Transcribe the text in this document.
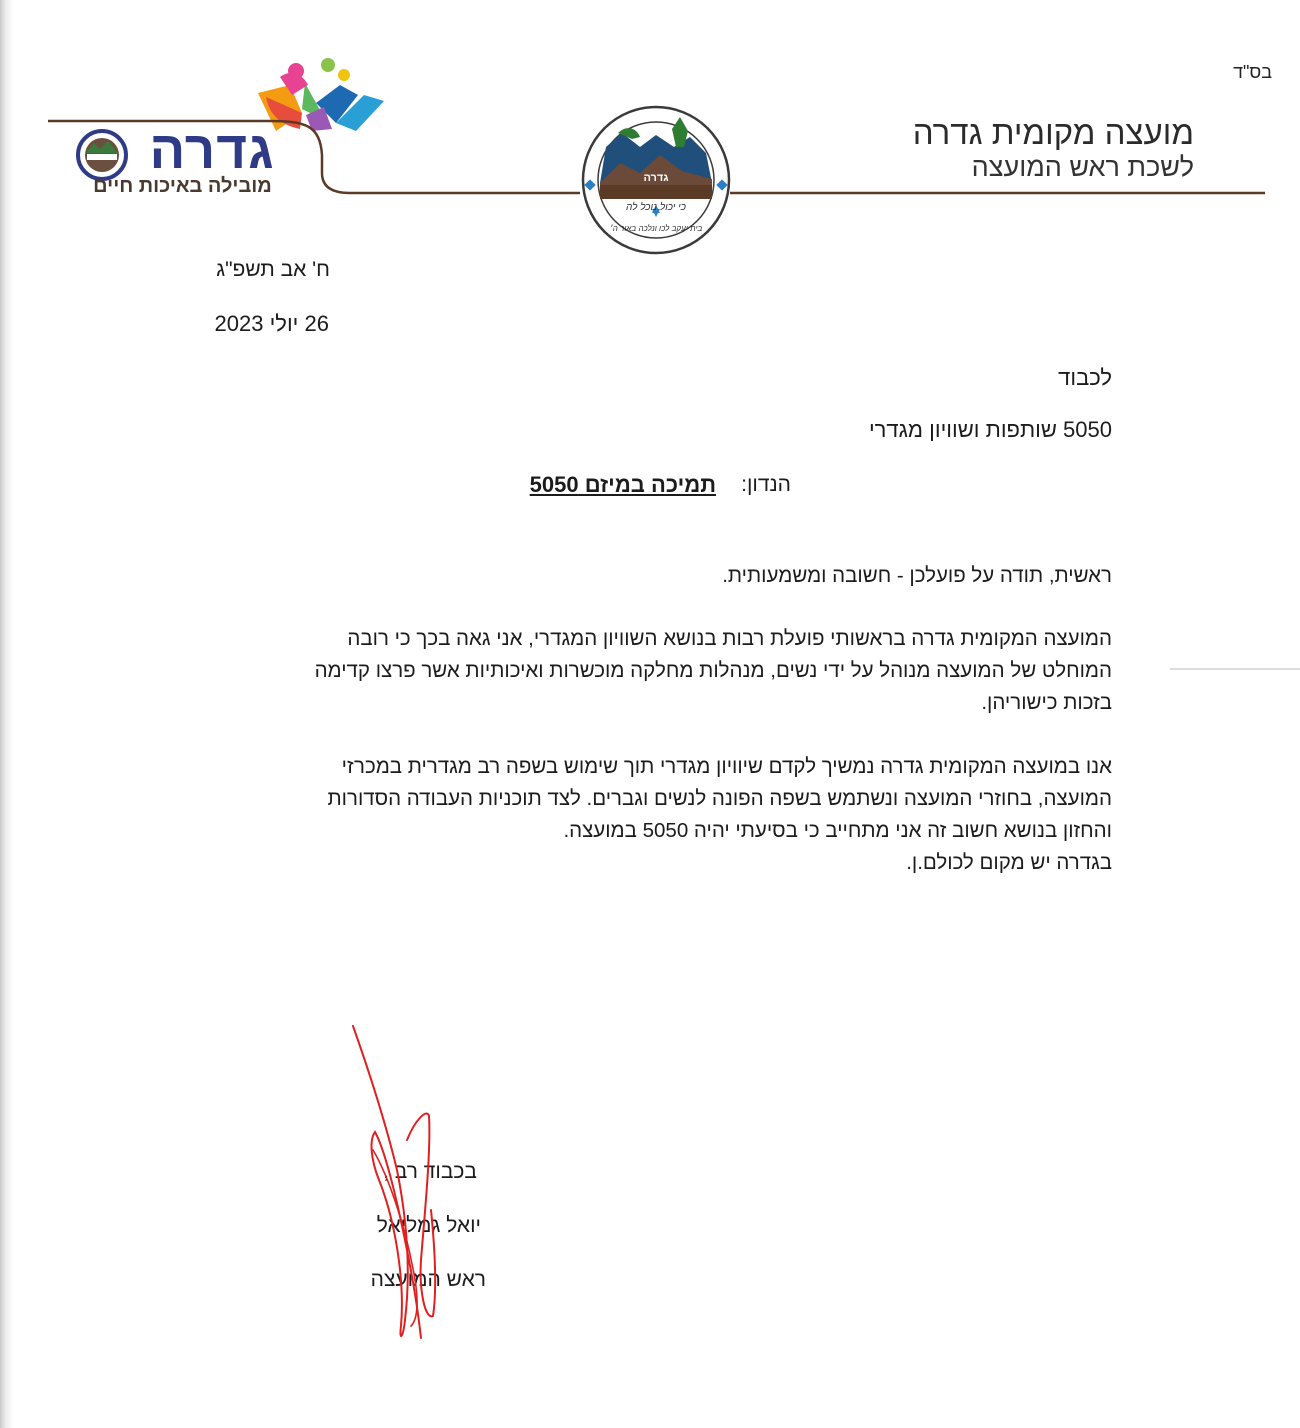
גדרה
כי יכול נוכל לה
בית יעקב לכו ונלכה באור ה׳
בס"ד
מועצה מקומית גדרה
לשכת ראש המועצה
גדרה
מובילה באיכות חיים
ח' אב תשפ"ג
26 יולי 2023
לכבוד
5050 שותפות ושוויון מגדרי
הנדון:
תמיכה במיזם 5050
ראשית, תודה על פועלכן - חשובה ומשמעותית.
המועצה המקומית גדרה בראשותי פועלת רבות בנושא השוויון המגדרי, אני גאה בכך כי רובה
המוחלט של המועצה מנוהל על ידי נשים, מנהלות מחלקה מוכשרות ואיכותיות אשר פרצו קדימה
בזכות כישוריהן.
אנו במועצה המקומית גדרה נמשיך לקדם שיוויון מגדרי תוך שימוש בשפה רב מגדרית במכרזי
המועצה, בחוזרי המועצה ונשתמש בשפה הפונה לנשים וגברים. לצד תוכניות העבודה הסדורות
והחזון בנושא חשוב זה אני מתחייב כי בסיעתי יהיה 5050 במועצה.
בגדרה יש מקום לכולם.ן.
בכבוד רב ,
יואל גמליאל
ראש המועצה
